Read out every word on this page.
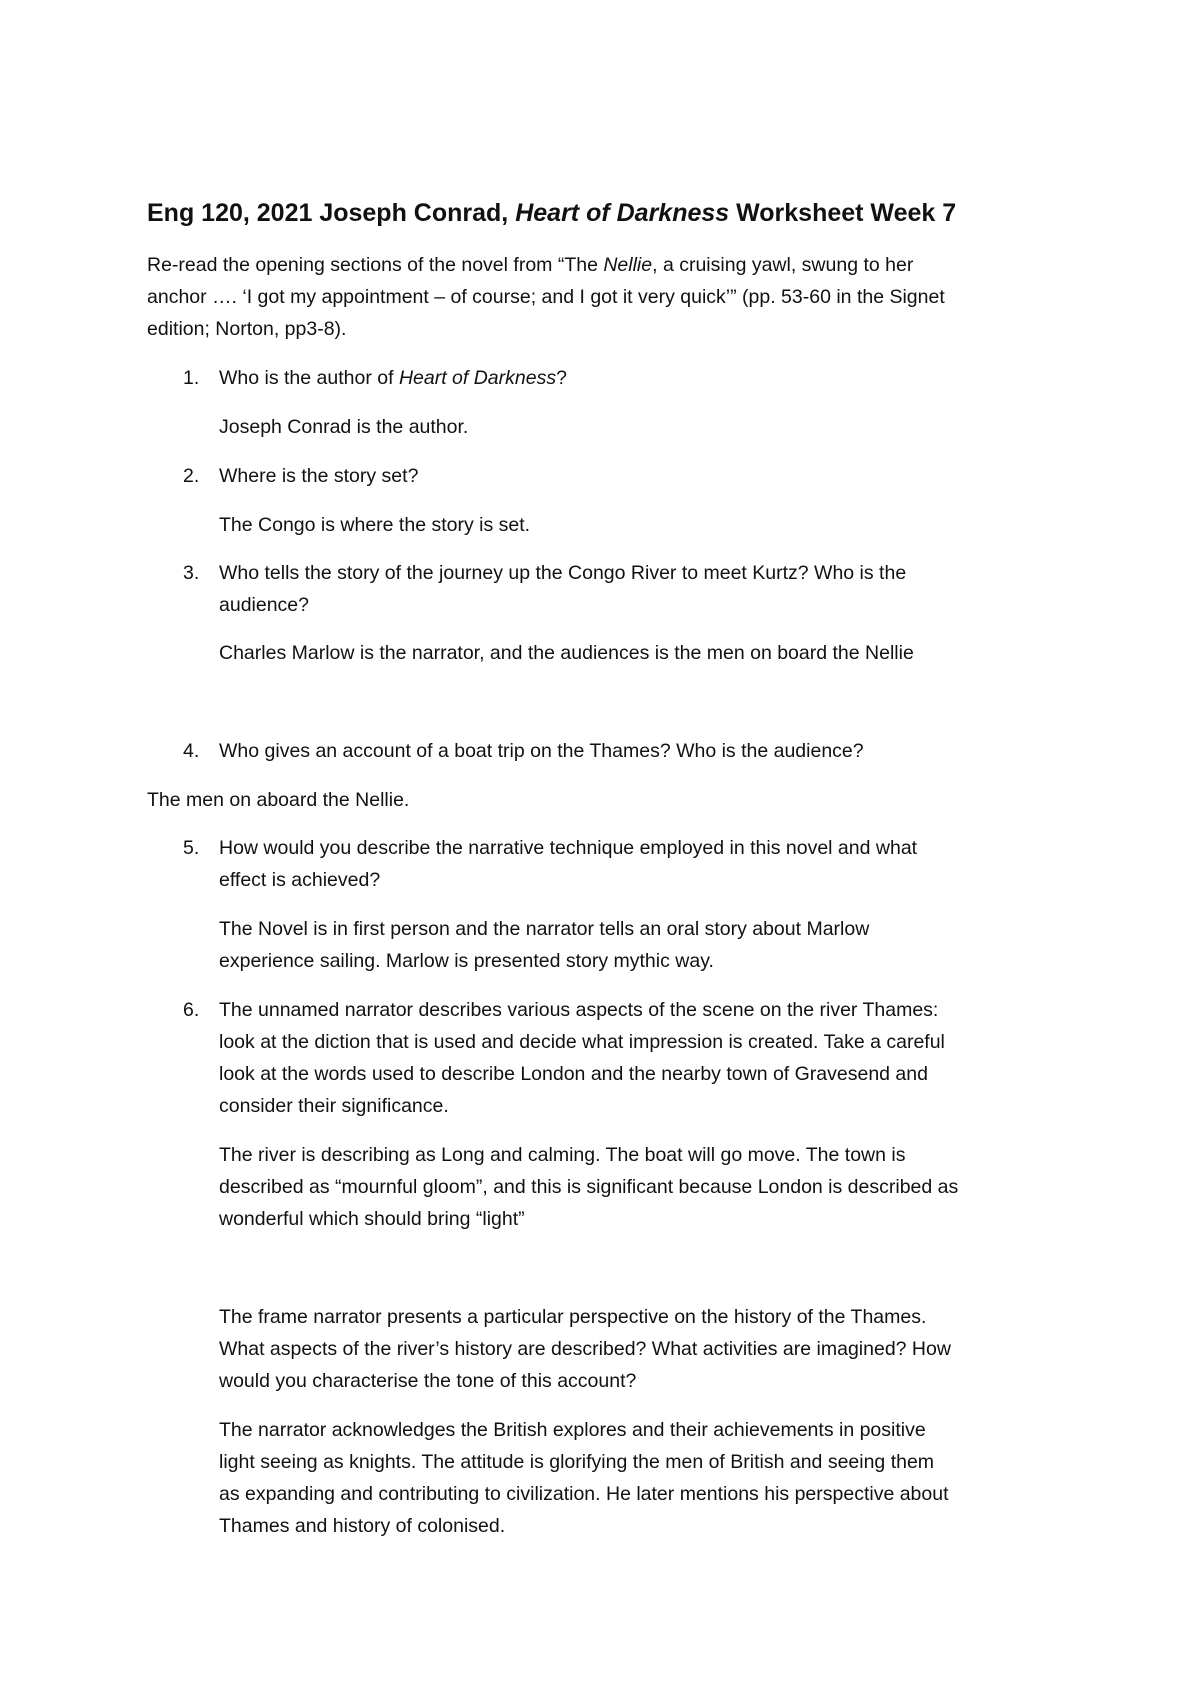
Eng 120, 2021 Joseph Conrad, Heart of Darkness Worksheet Week 7
Re-read the opening sections of the novel from “The Nellie, a cruising yawl, swung to her
anchor …. ‘I got my appointment – of course; and I got it very quick’” (pp. 53-60 in the Signet
edition; Norton, pp3-8).
1.	Who is the author of Heart of Darkness?
Joseph Conrad is the author.
2.	Where is the story set?
The Congo is where the story is set.
3.	Who tells the story of the journey up the Congo River to meet Kurtz? Who is the
audience?
Charles Marlow is the narrator, and the audiences is the men on board the Nellie
4.	Who gives an account of a boat trip on the Thames? Who is the audience?
The men on aboard the Nellie.
5.	How would you describe the narrative technique employed in this novel and what
effect is achieved?
The Novel is in first person and the narrator tells an oral story about Marlow
experience sailing. Marlow is presented story mythic way.
6.	The unnamed narrator describes various aspects of the scene on the river Thames:
look at the diction that is used and decide what impression is created. Take a careful
look at the words used to describe London and the nearby town of Gravesend and
consider their significance.
The river is describing as Long and calming. The boat will go move. The town is
described as “mournful gloom”, and this is significant because London is described as
wonderful which should bring “light”
The frame narrator presents a particular perspective on the history of the Thames.
What aspects of the river’s history are described? What activities are imagined? How
would you characterise the tone of this account?
The narrator acknowledges the British explores and their achievements in positive
light seeing as knights. The attitude is glorifying the men of British and seeing them
as expanding and contributing to civilization. He later mentions his perspective about
Thames and history of colonised.
